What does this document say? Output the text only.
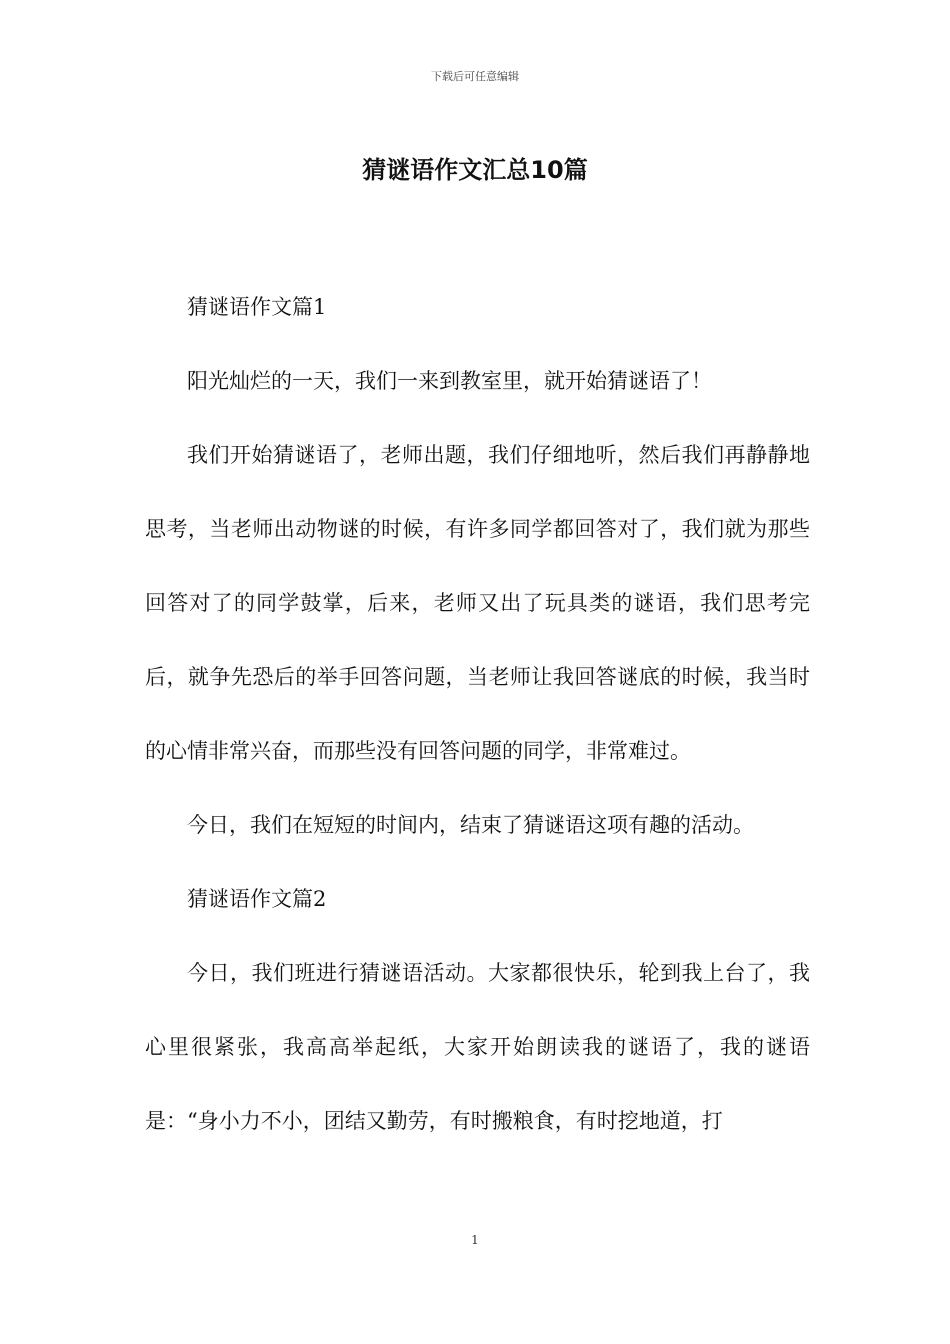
下载后可任意编辑
猜谜语作文汇总10篇

猜谜语作文篇1

阳光灿烂的一天，我们一来到教室里，就开始猜谜语了！

我们开始猜谜语了，老师出题，我们仔细地听，然后我们再静静地思考，当老师出动物谜的时候，有许多同学都回答对了，我们就为那些回答对了的同学鼓掌，后来，老师又出了玩具类的谜语，我们思考完后，就争先恐后的举手回答问题，当老师让我回答谜底的时候，我当时的心情非常兴奋，而那些没有回答问题的同学，非常难过。

今日，我们在短短的时间内，结束了猜谜语这项有趣的活动。

猜谜语作文篇2

今日，我们班进行猜谜语活动。大家都很快乐，轮到我上台了，我心里很紧张，我高高举起纸，大家开始朗读我的谜语了，我的谜语是：“身小力不小，团结又勤劳，有时搬粮食，有时挖地道，打

1
